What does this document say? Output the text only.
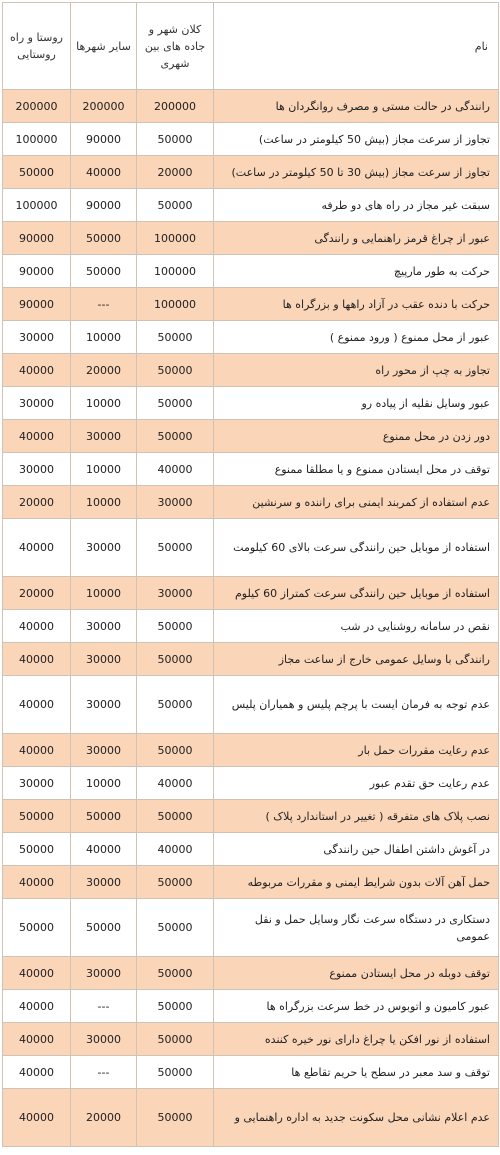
نام	کلان شهر و جاده های بین شهری	سایر شهرها	روستا و راه روستایی
رانندگی در حالت مستی و مصرف روانگردان ها	200000	200000	200000
تجاوز از سرعت مجاز (بیش 50 کیلومتر در ساعت)	50000	90000	100000
تجاوز از سرعت مجاز (بیش 30 تا 50 کیلومتر در ساعت)	20000	40000	50000
سبقت غیر مجاز در راه های دو طرفه	50000	90000	100000
عبور از چراغ قرمز راهنمایی و رانندگی	100000	50000	90000
حرکت به طور مارپیچ	100000	50000	90000
حرکت با دنده عقب در آزاد راهها و بزرگراه ها	100000	---	90000
عبور از محل ممنوع ( ورود ممنوع )	50000	10000	30000
تجاوز به چپ از محور راه	50000	20000	40000
عبور وسایل نقلیه از پیاده رو	50000	10000	30000
دور زدن در محل ممنوع	50000	30000	40000
توقف در محل ایستادن ممنوع و یا مطلقا ممنوع	40000	10000	30000
عدم استفاده از کمربند ایمنی برای راننده و سرنشین	30000	10000	20000
استفاده از موبایل حین رانندگی سرعت بالای 60 کیلومت	50000	30000	40000
استفاده از موبایل حین رانندگی سرعت کمتراز 60 کیلوم	30000	10000	20000
نقص در سامانه روشنایی در شب	50000	30000	40000
رانندگی با وسایل عمومی خارج از ساعت مجاز	50000	30000	40000
عدم توجه به فرمان ایست با پرچم پلیس و همیاران پلیس	50000	30000	40000
عدم رعایت مقررات حمل بار	50000	30000	40000
عدم رعایت حق تقدم عبور	40000	10000	30000
نصب پلاک های متفرقه ( تغییر در استاندارد پلاک )	50000	50000	50000
در آغوش داشتن اطفال حین رانندگی	40000	40000	50000
حمل آهن آلات بدون شرایط ایمنی و مقررات مربوطه	50000	30000	40000
دستکاری در دستگاه سرعت نگار وسایل حمل و نقل عمومی	50000	50000	50000
توقف دوبله در محل ایستادن ممنوع	50000	30000	40000
عبور کامیون و اتوبوس در خط سرعت بزرگراه ها	50000	---	40000
استفاده از نور افکن یا چراغ دارای نور خیره کننده	50000	30000	40000
توقف و سد معبر در سطح یا حریم تقاطع ها	50000	---	40000
عدم اعلام نشانی محل سکونت جدید به اداره راهنمایی و	50000	20000	40000
